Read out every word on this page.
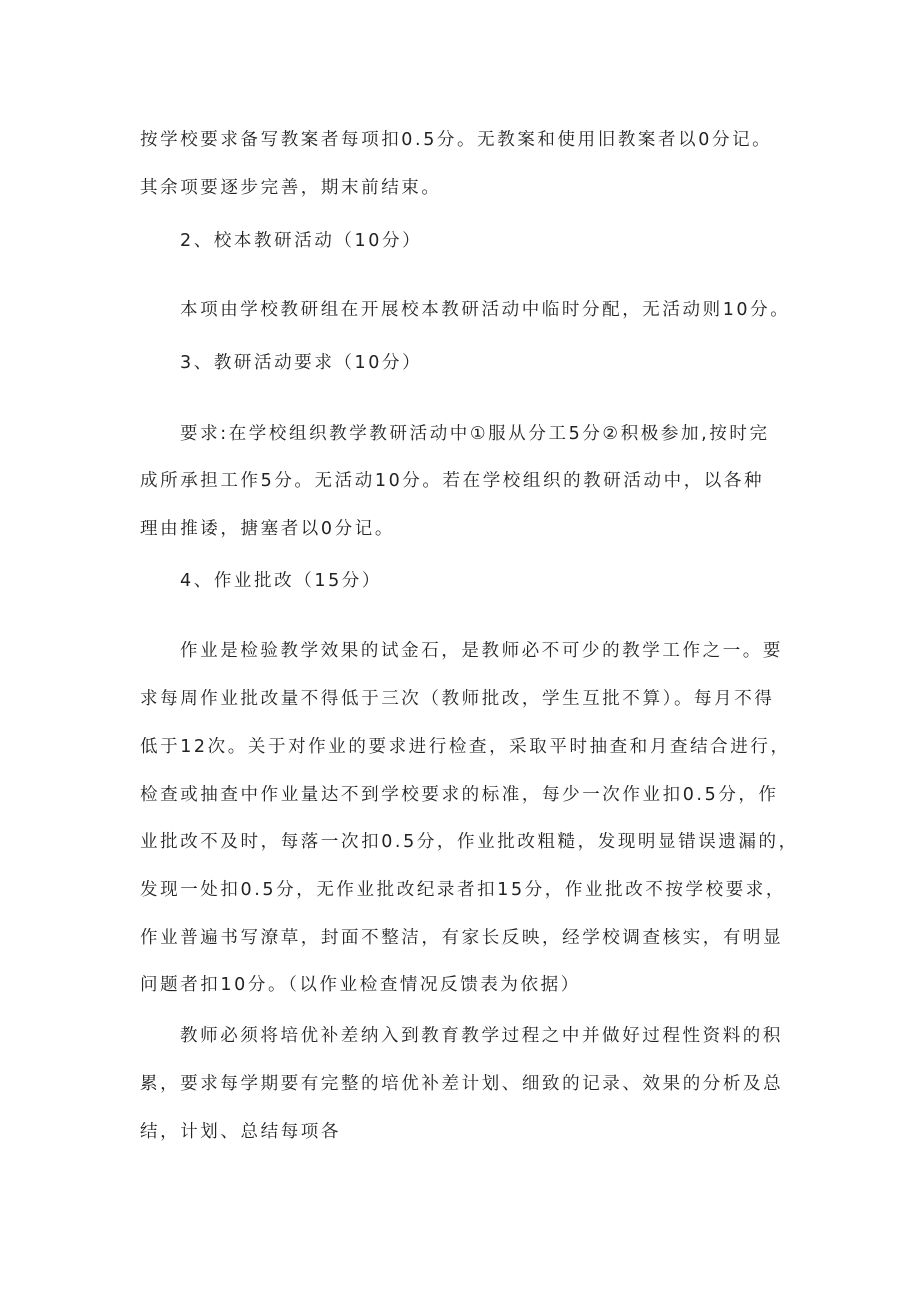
按学校要求备写教案者每项扣0.5分。无教案和使用旧教案者以0分记。
其余项要逐步完善，期末前结束。
2、校本教研活动（10分）
本项由学校教研组在开展校本教研活动中临时分配，无活动则10分。
3、教研活动要求（10分）
要求:在学校组织教学教研活动中①服从分工5分②积极参加,按时完
成所承担工作5分。无活动10分。若在学校组织的教研活动中，以各种
理由推诿，搪塞者以0分记。
4、作业批改（15分）
作业是检验教学效果的试金石，是教师必不可少的教学工作之一。要
求每周作业批改量不得低于三次（教师批改，学生互批不算）。每月不得
低于12次。关于对作业的要求进行检查，采取平时抽查和月查结合进行，
检查或抽查中作业量达不到学校要求的标准，每少一次作业扣0.5分，作
业批改不及时，每落一次扣0.5分，作业批改粗糙，发现明显错误遗漏的，
发现一处扣0.5分，无作业批改纪录者扣15分，作业批改不按学校要求，
作业普遍书写潦草，封面不整洁，有家长反映，经学校调查核实，有明显
问题者扣10分。（以作业检查情况反馈表为依据）
教师必须将培优补差纳入到教育教学过程之中并做好过程性资料的积
累，要求每学期要有完整的培优补差计划、细致的记录、效果的分析及总
结，计划、总结每项各
